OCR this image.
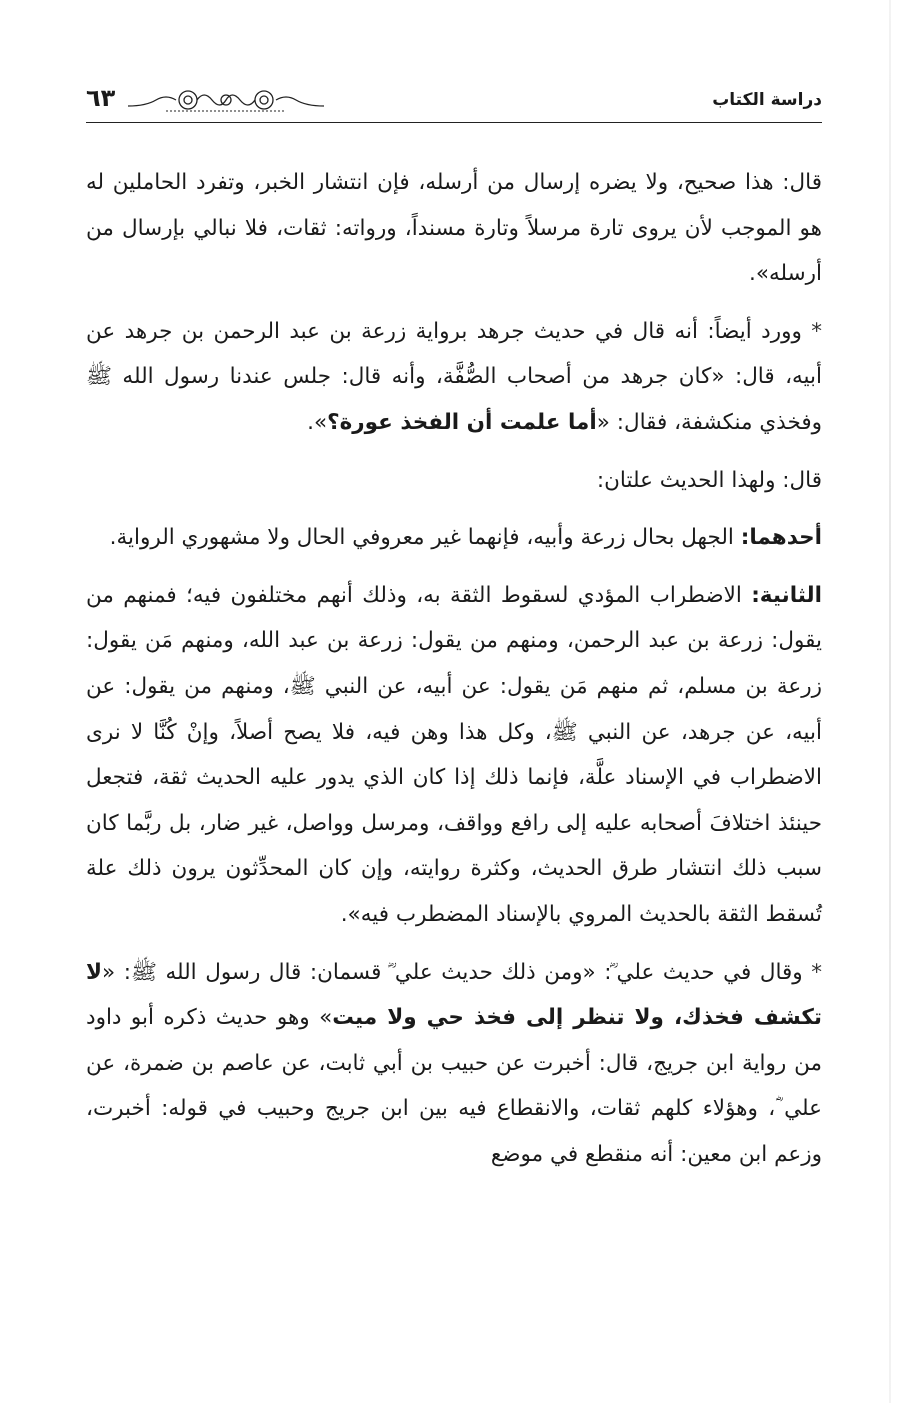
دراسة الكتاب
٦٣

قال: هذا صحيح، ولا يضره إرسال من أرسله، فإن انتشار الخبر، وتفرد الحاملين له هو الموجب لأن يروى تارة مرسلاً وتارة مسنداً، ورواته: ثقات، فلا نبالي بإرسال من أرسله».

* وورد أيضاً: أنه قال في حديث جرهد برواية زرعة بن عبد الرحمن بن جرهد عن أبيه، قال: «كان جرهد من أصحاب الصُّفَّة، وأنه قال: جلس عندنا رسول الله ﷺ وفخذي منكشفة، فقال: «أما علمت أن الفخذ عورة؟».

قال: ولهذا الحديث علتان:

أحدهما: الجهل بحال زرعة وأبيه، فإنهما غير معروفي الحال ولا مشهوري الرواية.

الثانية: الاضطراب المؤدي لسقوط الثقة به، وذلك أنهم مختلفون فيه؛ فمنهم من يقول: زرعة بن عبد الرحمن، ومنهم من يقول: زرعة بن عبد الله، ومنهم مَن يقول: زرعة بن مسلم، ثم منهم مَن يقول: عن أبيه، عن النبي ﷺ، ومنهم من يقول: عن أبيه، عن جرهد، عن النبي ﷺ، وكل هذا وهن فيه، فلا يصح أصلاً، وإنْ كُنَّا لا نرى الاضطراب في الإسناد علَّة، فإنما ذلك إذا كان الذي يدور عليه الحديث ثقة، فتجعل حينئذ اختلافَ أصحابه عليه إلى رافع وواقف، ومرسل وواصل، غير ضار، بل ربَّما كان سبب ذلك انتشار طرق الحديث، وكثرة روايته، وإن كان المحدِّثون يرون ذلك علة تُسقط الثقة بالحديث المروي بالإسناد المضطرب فيه».

* وقال في حديث علي ؓ: «ومن ذلك حديث علي ؓ قسمان: قال رسول الله ﷺ: «لا تكشف فخذك، ولا تنظر إلى فخذ حي ولا ميت» وهو حديث ذكره أبو داود من رواية ابن جريج، قال: أخبرت عن حبيب بن أبي ثابت، عن عاصم بن ضمرة، عن علي ؓ، وهؤلاء كلهم ثقات، والانقطاع فيه بين ابن جريج وحبيب في قوله: أخبرت، وزعم ابن معين: أنه منقطع في موضع
